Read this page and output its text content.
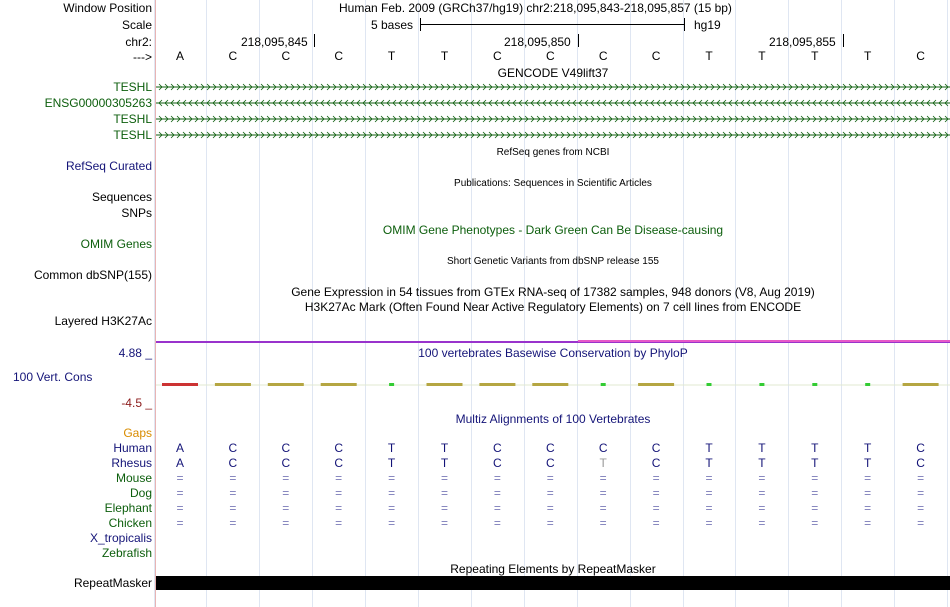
Window Position	Human Feb. 2009 (GRCh37/hg19) chr2:218,095,843-218,095,857 (15 bp)
Scale	5 bases	hg19
chr2:	218,095,845	218,095,850	218,095,855
---> A	C	C	C	T	T	C	C	C	C	T	T	T	T	C
GENCODE V49lift37
TESHL
ENSG00000305263
TESHL
TESHL
RefSeq Curated
RefSeq genes from NCBI
Publications: Sequences in Scientific Articles
Sequences
SNPs
OMIM Gene Phenotypes - Dark Green Can Be Disease-causing
OMIM Genes
Short Genetic Variants from dbSNP release 155
Common dbSNP(155)
Gene Expression in 54 tissues from GTEx RNA-seq of 17382 samples, 948 donors (V8, Aug 2019)
H3K27Ac Mark (Often Found Near Active Regulatory Elements) on 7 cell lines from ENCODE
Layered H3K27Ac
4.88 _	100 vertebrates Basewise Conservation by PhyloP
100 Vert. Cons
-4.5 _
Multiz Alignments of 100 Vertebrates
Gaps
Human A	C	C	C	T	T	C	C	C	C	T	T	T	T	C
Rhesus A	C	C	C	T	T	C	C	T	C	T	T	T	T	C
Mouse =	=	=	=	=	=	=	=	=	=	=	=	=	=	=
Dog =	=	=	=	=	=	=	=	=	=	=	=	=	=	=
Elephant =	=	=	=	=	=	=	=	=	=	=	=	=	=	=
Chicken =	=	=	=	=	=	=	=	=	=	=	=	=	=	=
X_tropicalis
Zebrafish
Repeating Elements by RepeatMasker
RepeatMasker
